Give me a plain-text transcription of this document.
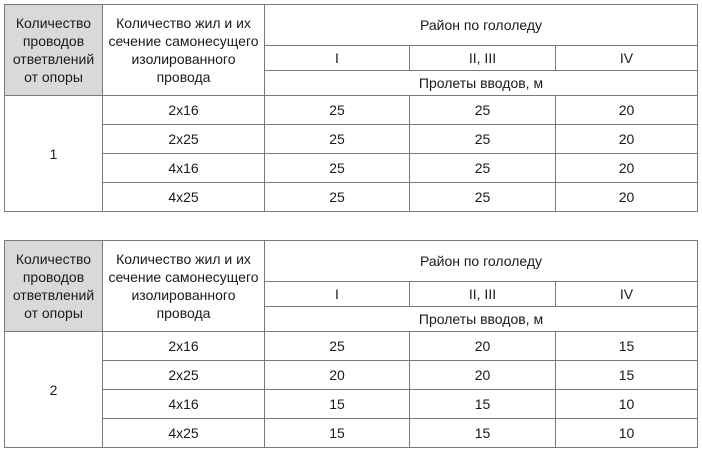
Количество проводов ответвлений от опоры	Количество жил и их сечение самонесущего изолированного провода	Район по гололеду		
		I	II, III	IV
		Пролеты вводов, м		
1	2х16	25	25	20
	2х25	25	25	20
	4х16	25	25	20
	4х25	25	25	20
Количество проводов ответвлений от опоры	Количество жил и их сечение самонесущего изолированного провода	Район по гололеду		
		I	II, III	IV
		Пролеты вводов, м		
2	2х16	25	20	15
	2х25	20	20	15
	4х16	15	15	10
	4х25	15	15	10
